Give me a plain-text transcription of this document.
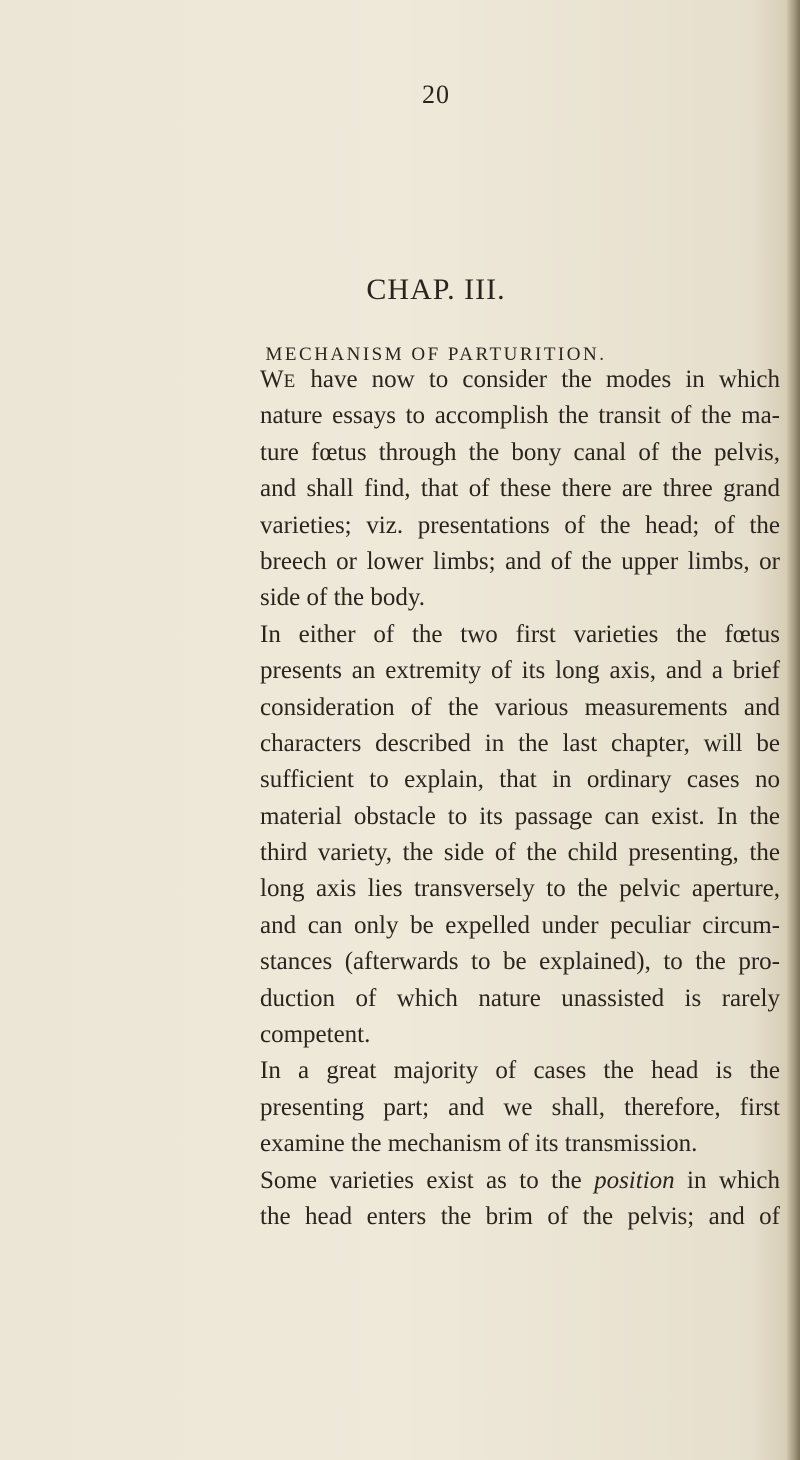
20
CHAP. III.
MECHANISM OF PARTURITION.
WE have now to consider the modes in which
nature essays to accomplish the transit of the ma-
ture fœtus through the bony canal of the pelvis,
and shall find, that of these there are three grand
varieties; viz. presentations of the head; of the
breech or lower limbs; and of the upper limbs, or
side of the body.
In either of the two first varieties the fœtus
presents an extremity of its long axis, and a brief
consideration of the various measurements and
characters described in the last chapter, will be
sufficient to explain, that in ordinary cases no
material obstacle to its passage can exist. In the
third variety, the side of the child presenting, the
long axis lies transversely to the pelvic aperture,
and can only be expelled under peculiar circum-
stances (afterwards to be explained), to the pro-
duction of which nature unassisted is rarely
competent.
In a great majority of cases the head is the
presenting part; and we shall, therefore, first
examine the mechanism of its transmission.
Some varieties exist as to the position in which
the head enters the brim of the pelvis; and of
